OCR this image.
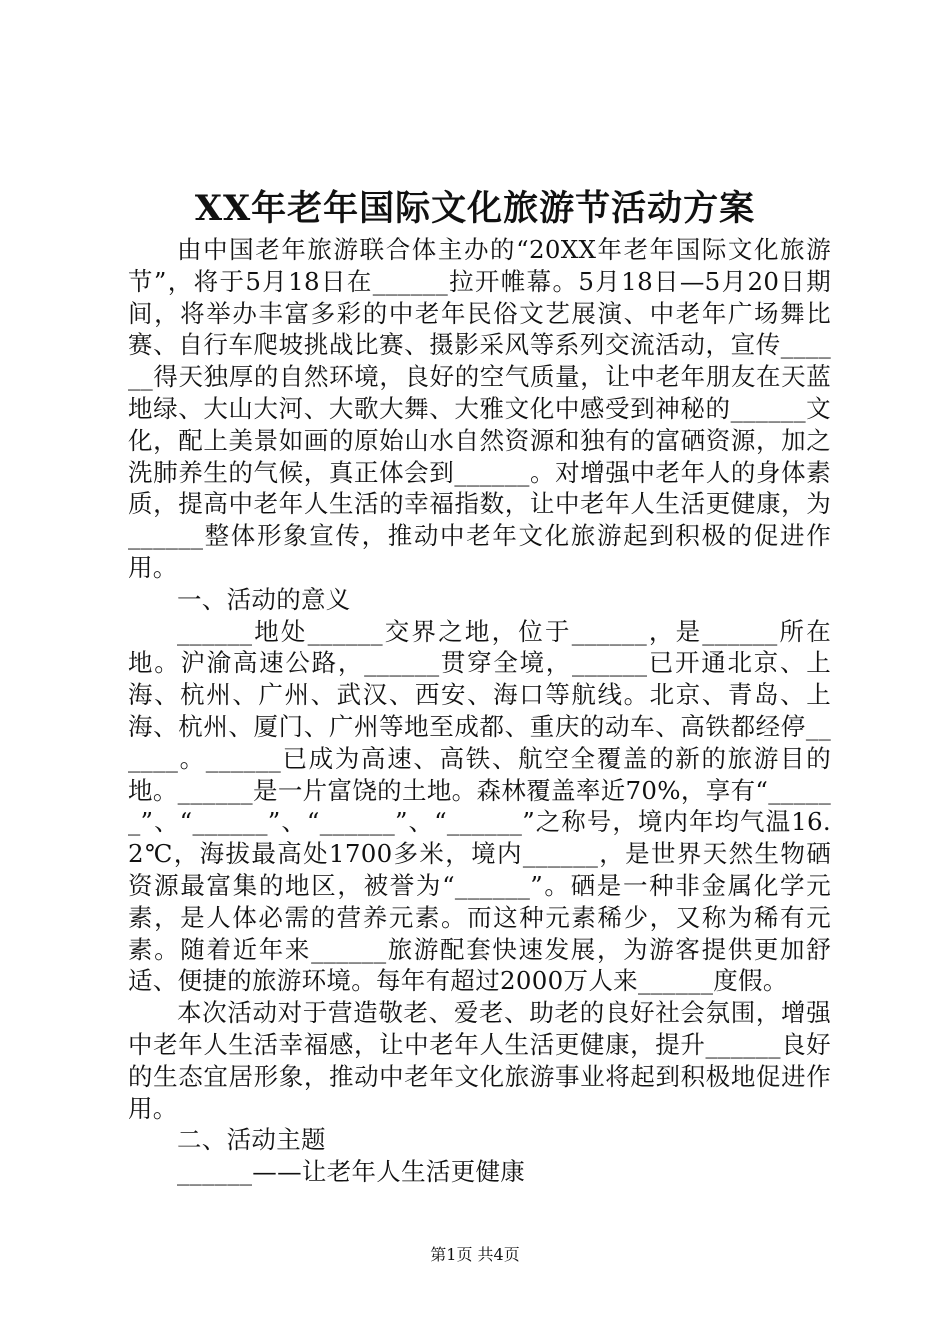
XX年老年国际文化旅游节活动方案

由中国老年旅游联合体主办的“20XX年老年国际文化旅游节”，将于5月18日在______拉开帷幕。5月18日—5月20日期间，将举办丰富多彩的中老年民俗文艺展演、中老年广场舞比赛、自行车爬坡挑战比赛、摄影采风等系列交流活动，宣传______得天独厚的自然环境，良好的空气质量，让中老年朋友在天蓝地绿、大山大河、大歌大舞、大雅文化中感受到神秘的______文化，配上美景如画的原始山水自然资源和独有的富硒资源，加之洗肺养生的气候，真正体会到______。对增强中老年人的身体素质，提高中老年人生活的幸福指数，让中老年人生活更健康，为______整体形象宣传，推动中老年文化旅游起到积极的促进作用。

一、活动的意义

______地处______交界之地，位于______，是______所在地。沪渝高速公路，______贯穿全境，______已开通北京、上海、杭州、广州、武汉、西安、海口等航线。北京、青岛、上海、杭州、厦门、广州等地至成都、重庆的动车、高铁都经停______。______已成为高速、高铁、航空全覆盖的新的旅游目的地。______是一片富饶的土地。森林覆盖率近70%，享有“______”、“______”、“______”、“______”之称号，境内年均气温16.2℃，海拔最高处1700多米，境内______，是世界天然生物硒资源最富集的地区，被誉为“______”。硒是一种非金属化学元素，是人体必需的营养元素。而这种元素稀少，又称为稀有元素。随着近年来______旅游配套快速发展，为游客提供更加舒适、便捷的旅游环境。每年有超过2000万人来______度假。

本次活动对于营造敬老、爱老、助老的良好社会氛围，增强中老年人生活幸福感，让中老年人生活更健康，提升______良好的生态宜居形象，推动中老年文化旅游事业将起到积极地促进作用。

二、活动主题

______——让老年人生活更健康

第1页 共4页
